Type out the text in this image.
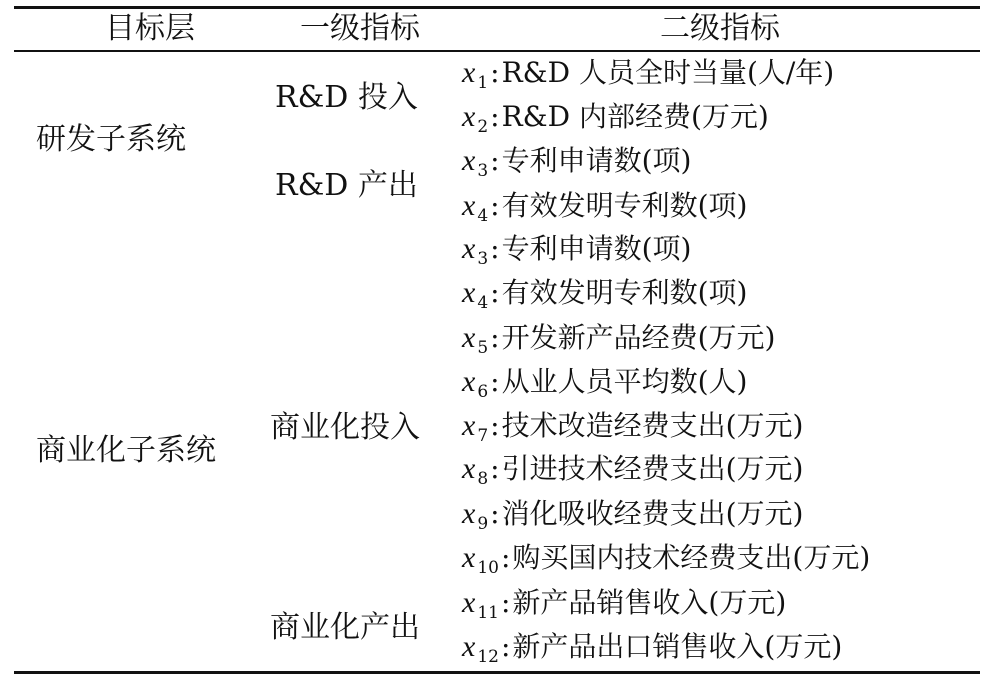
目标层	一级指标	二级指标
研发子系统
商业化子系统
R&D 投入
R&D 产出
商业化投入
商业化产出
x $_1$:R&D 人员全时当量(人/年)
x $_2$:R&D 内部经费(万元)
x $_3$:专利申请数(项)
x $_4$:有效发明专利数(项)
x $_3$:专利申请数(项)
x $_4$:有效发明专利数(项)
x $_5$:开发新产品经费(万元)
x $_6$:从业人员平均数(人)
x $_7$:技术改造经费支出(万元)
x $_8$:引进技术经费支出(万元)
x $_9$:消化吸收经费支出(万元)
x $_{10}$:购买国内技术经费支出(万元)
x $_{11}$:新产品销售收入(万元)
x $_{12}$:新产品出口销售收入(万元)
